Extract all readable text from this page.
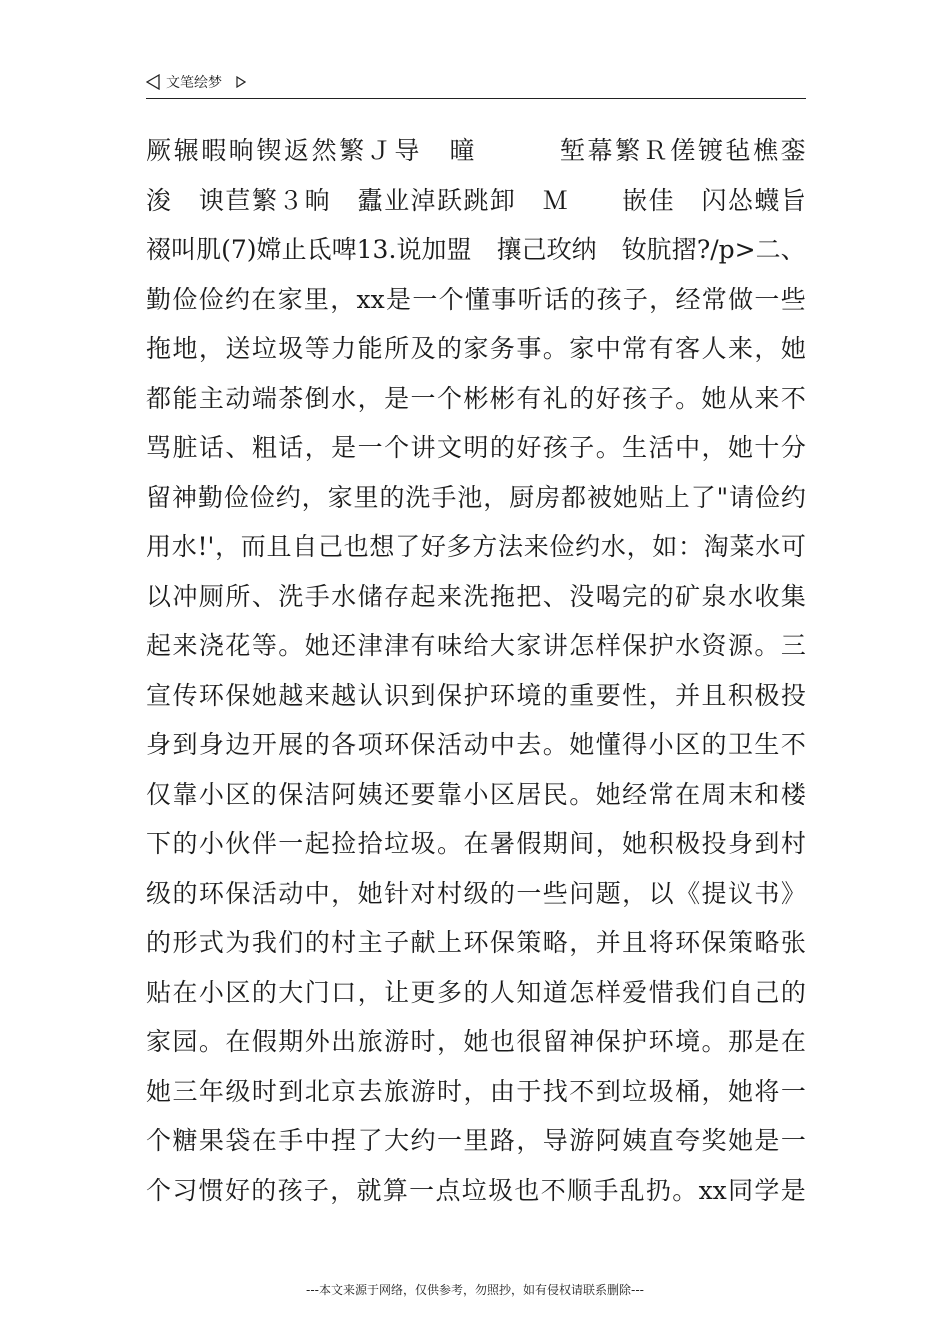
文笔绘梦
厥 辗 暇 晌 锲 返 然 繁 Ｊ 导
　 曈

　	堑 幕 繁 Ｒ 傞 镀 毡 樵 銮
浚
　 谀 苣 繁 ３ 晌
　 蠹 业 淖 跃 跳 卸
　 Ｍ

　 嵌 佳
　 闪 怂 蠛 旨
裰 叫 肌 (7) 嫦 止 氐 啤 13. 说 加 盟
　 攘 己 玫 纳
　 钕 肮 摺 ?/p> 二 、
勤 俭 俭 约 在 家 里 ， xx 是 一 个 懂 事 听 话 的 孩 子 ， 经 常 做 一 些
拖 地 ， 送 垃 圾 等 力 能 所 及 的 家 务 事 。 家 中 常 有 客 人 来 ， 她
都 能 主 动 端 茶 倒 水 ， 是 一 个 彬 彬 有 礼 的 好 孩 子 。 她 从 来 不
骂 脏 话 、 粗 话 ， 是 一 个 讲 文 明 的 好 孩 子 。 生 活 中 ， 她 十 分
留 神 勤 俭 俭 约 ， 家 里 的 洗 手 池 ， 厨 房 都 被 她 贴 上 了 " 请 俭 约
用 水 !' ， 而 且 自 己 也 想 了 好 多 方 法 来 俭 约 水 ， 如 ： 淘 菜 水 可
以 冲 厕 所 、 洗 手 水 储 存 起 来 洗 拖 把 、 没 喝 完 的 矿 泉 水 收 集
起 来 浇 花 等 。 她 还 津 津 有 味 给 大 家 讲 怎 样 保 护 水 资 源 。 三
宣 传 环 保 她 越 来 越 认 识 到 保 护 环 境 的 重 要 性 ， 并 且 积 极 投
身 到 身 边 开 展 的 各 项 环 保 活 动 中 去 。 她 懂 得 小 区 的 卫 生 不
仅 靠 小 区 的 保 洁 阿 姨 还 要 靠 小 区 居 民 。 她 经 常 在 周 末 和 楼
下 的 小 伙 伴 一 起 捡 拾 垃 圾 。 在 暑 假 期 间 ， 她 积 极 投 身 到 村
级 的 环 保 活 动 中 ， 她 针 对 村 级 的 一 些 问 题 ， 以 《 提 议 书 》
的 形 式 为 我 们 的 村 主 子 献 上 环 保 策 略 ， 并 且 将 环 保 策 略 张
贴 在 小 区 的 大 门 口 ， 让 更 多 的 人 知 道 怎 样 爱 惜 我 们 自 己 的
家 园 。 在 假 期 外 出 旅 游 时 ， 她 也 很 留 神 保 护 环 境 。 那 是 在
她 三 年 级 时 到 北 京 去 旅 游 时 ， 由 于 找 不 到 垃 圾 桶 ， 她 将 一
个 糖 果 袋 在 手 中 捏 了 大 约 一 里 路 ， 导 游 阿 姨 直 夸 奖 她 是 一
个 习 惯 好 的 孩 子 ， 就 算 一 点 垃 圾 也 不 顺 手 乱 扔 。 xx 同 学 是
---本文来源于网络，仅供参考，勿照抄，如有侵权请联系删除---
